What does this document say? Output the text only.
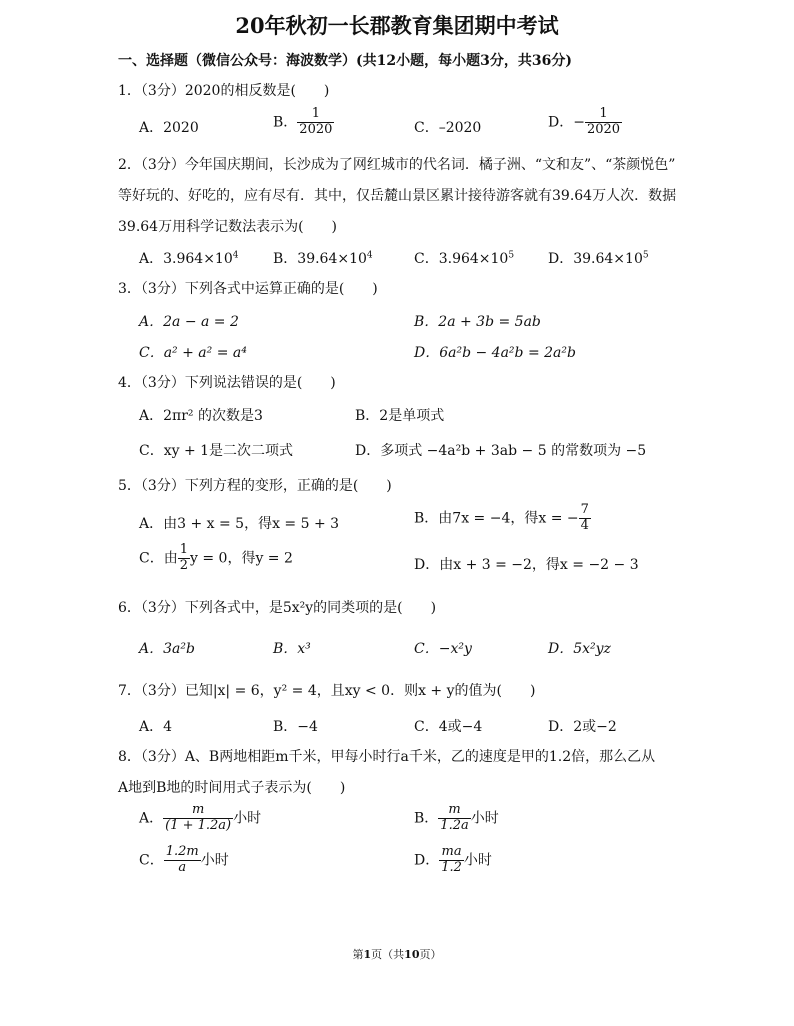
20年秋初一长郡教育集团期中考试
一、选择题（微信公众号：海波数学）(共12小题，每小题3分，共36分)
1．（3分）2020的相反数是(　　)
A．2020	B． $\frac{1}{2020}$	C．–2020	D．− $\frac{1}{2020}$
2．（3分）今年国庆期间，长沙成为了网红城市的代名词．橘子洲、“文和友”、“茶颜悦色”
等好玩的、好吃的，应有尽有．其中，仅岳麓山景区累计接待游客就有39.64万人次．数据
39.64万用科学记数法表示为(　　)
A．$3.964\times 10^4$ B．$39.64\times 10^4$	C．$3.964\times 10^5$ D．$39.64\times 10^5$
3．（3分）下列各式中运算正确的是(　　)
A．2a − a = 2	B．2a + 3b = 5ab
C．a² + a² = a⁴	D．6a²b − 4a²b = 2a²b
4．（3分）下列说法错误的是(　　)
A．2πr² 的次数是3	B．2是单项式
C．xy + 1是二次二项式	D．多项式 −4a²b + 3ab − 5 的常数项为 −5
5．（3分）下列方程的变形，正确的是(　　)
A．由3 + x = 5，得x = 5 + 3	B．由7x = −4，得x = − $\frac{7}{4}$
C．由 $\frac{1}{2}$ y = 0，得y = 2	D．由x + 3 = −2，得x = −2 − 3
6．（3分）下列各式中，是5x²y的同类项的是(　　)
A．3a²b	B．x³	C．−x²y	D．5x²yz
7．（3分）已知|x| = 6，y² = 4，且xy < 0．则x + y的值为(　　)
A．4	B．−4	C．4或−4	D．2或−2
8．（3分）A、B两地相距m千米，甲每小时行a千米，乙的速度是甲的1.2倍，那么乙从
A地到B地的时间用式子表示为(　　)
A． $\frac{m}{(1 + 1.2a)}$ 小时	B． $\frac{m}{1.2a}$ 小时
C． $\frac{1.2m}{a}$ 小时	D． $\frac{ma}{1.2}$ 小时
第1页（共10页）
